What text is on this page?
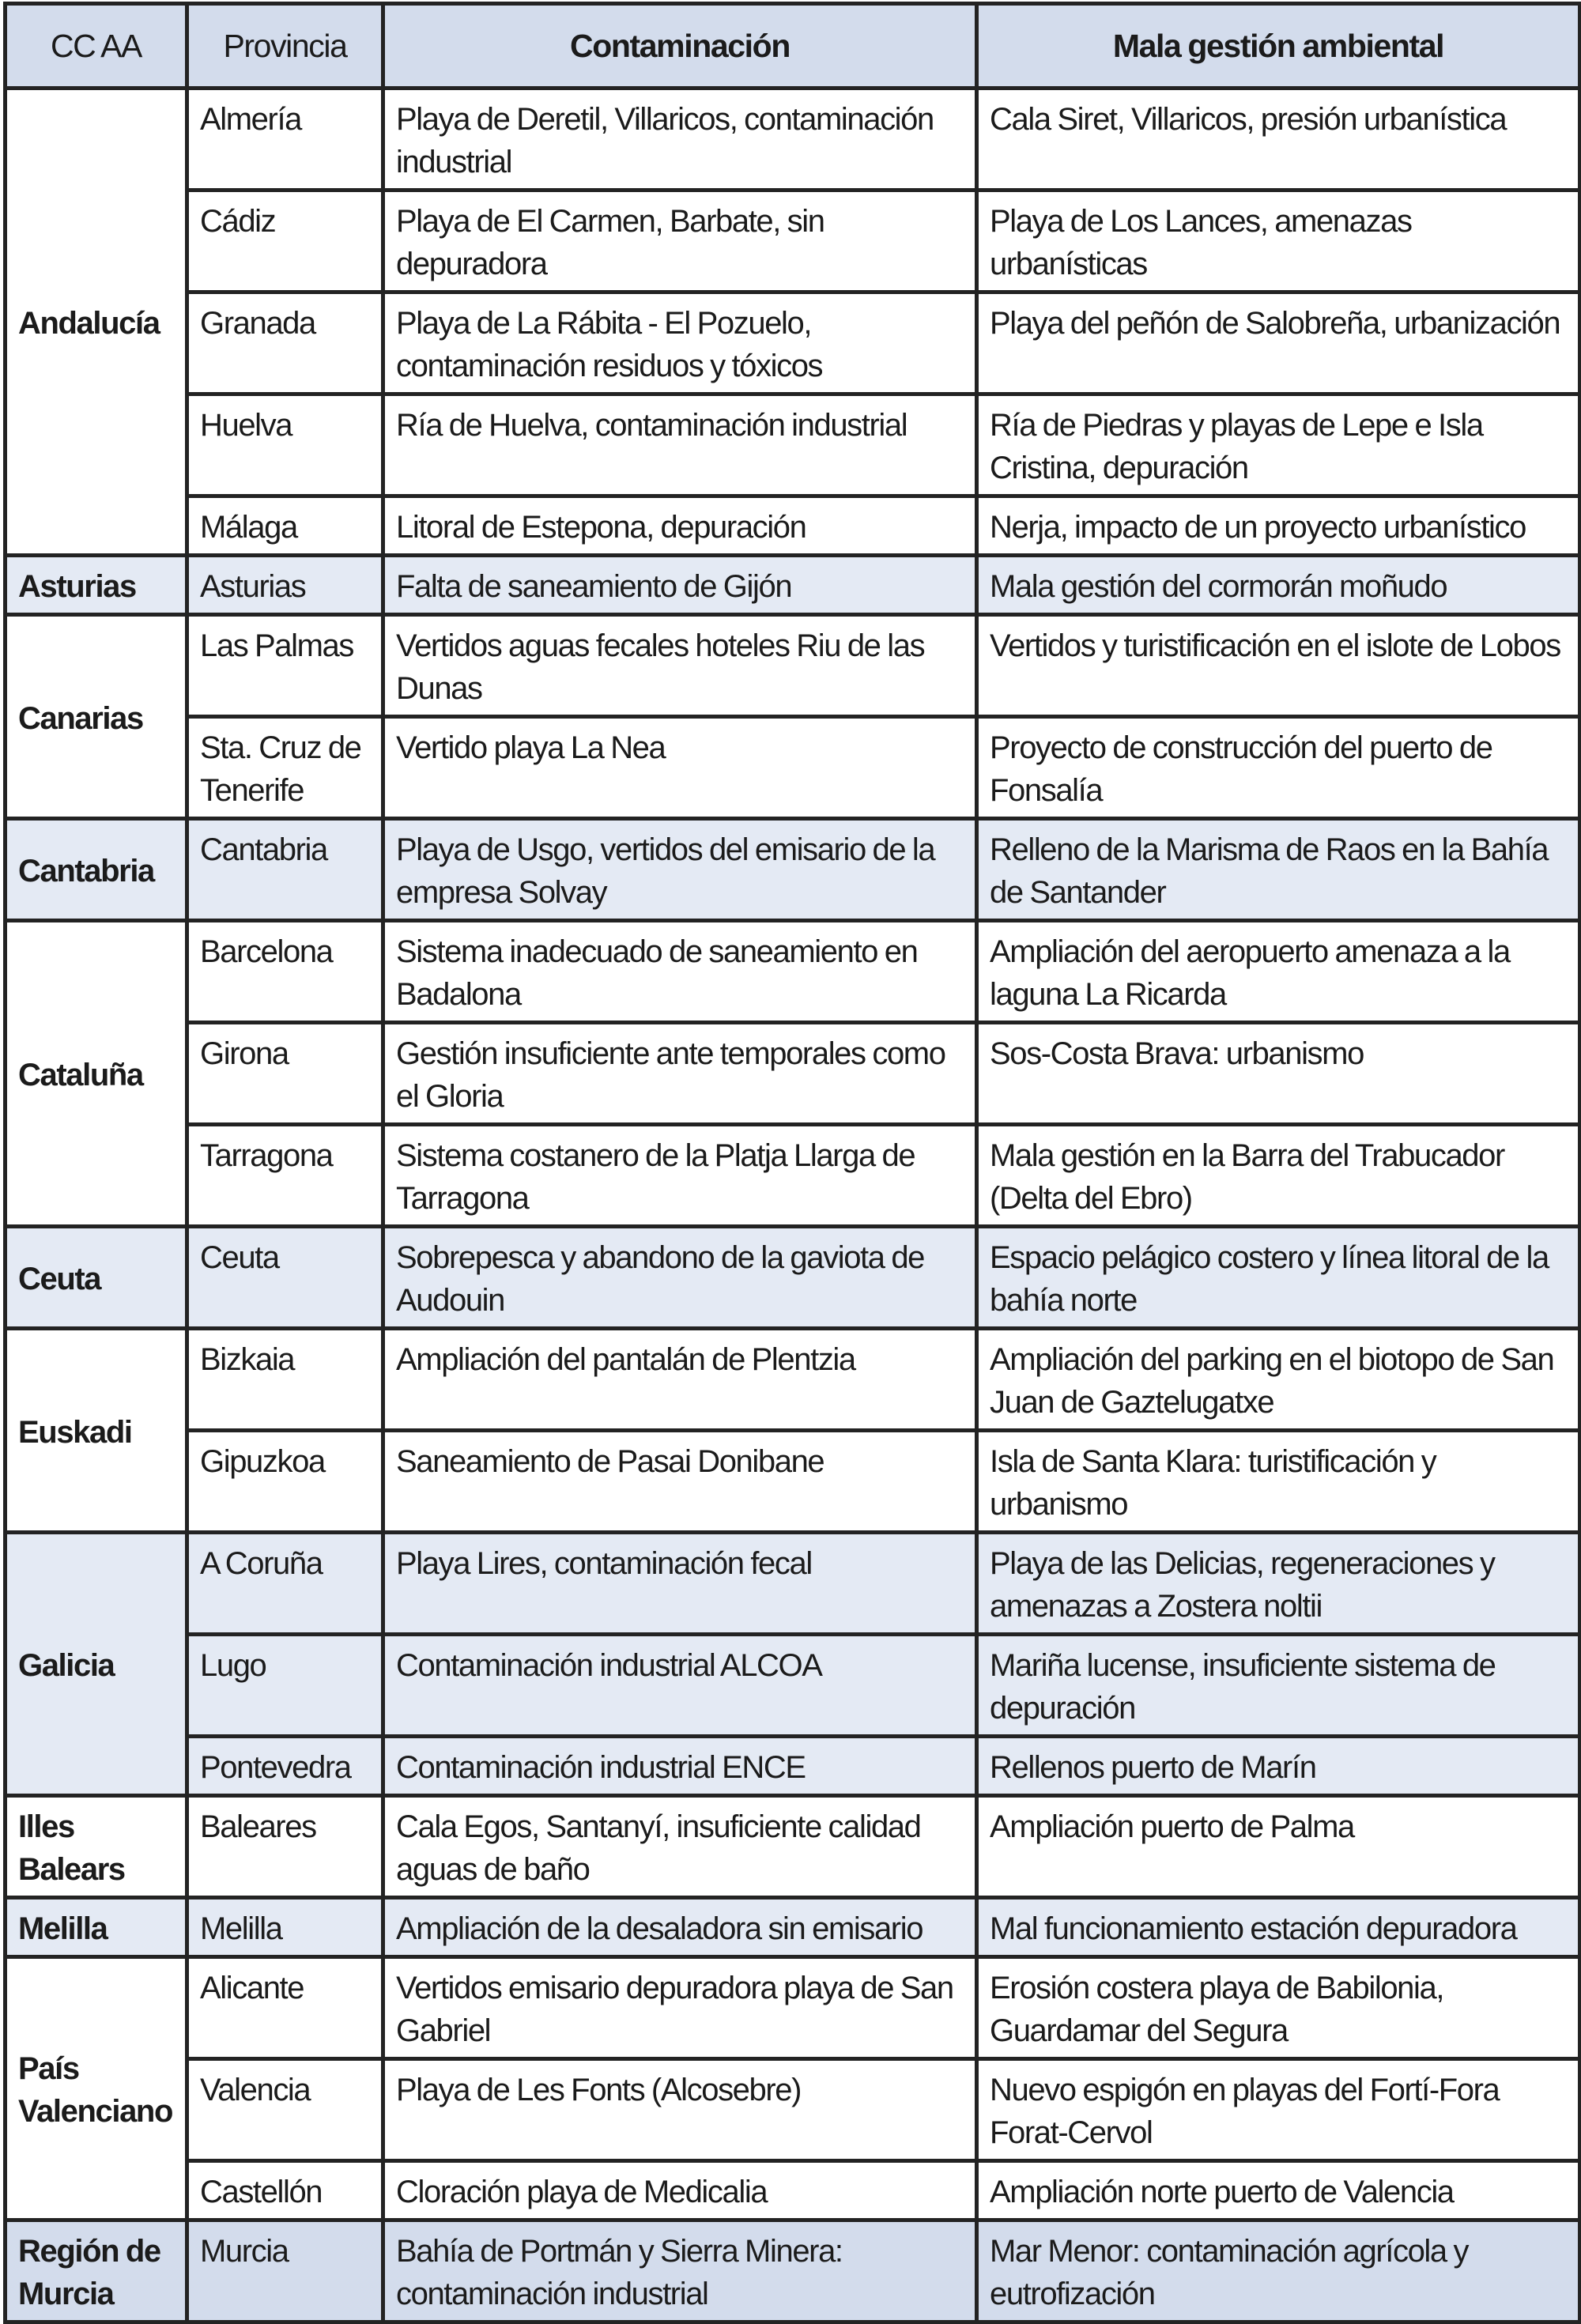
CC AA	Provincia	Contaminación	Mala gestión ambiental
Andalucía	Almería	Playa de Deretil, Villaricos, contaminación industrial	Cala Siret, Villaricos, presión urbanística
	Cádiz	Playa de El Carmen, Barbate, sin depuradora	Playa de Los Lances, amenazas urbanísticas
	Granada	Playa de La Rábita - El Pozuelo, contaminación residuos y tóxicos	Playa del peñón de Salobreña, urbanización
	Huelva	Ría de Huelva, contaminación industrial	Ría de Piedras y playas de Lepe e Isla Cristina, depuración
	Málaga	Litoral de Estepona, depuración	Nerja, impacto de un proyecto urbanístico
Asturias	Asturias	Falta de saneamiento de Gijón	Mala gestión del cormorán moñudo
Canarias	Las Palmas	Vertidos aguas fecales hoteles Riu de las Dunas	Vertidos y turistificación en el islote de Lobos
	Sta. Cruz de Tenerife	Vertido playa La Nea	Proyecto de construcción del puerto de Fonsalía
Cantabria	Cantabria	Playa de Usgo, vertidos del emisario de la empresa Solvay	Relleno de la Marisma de Raos en la Bahía de Santander
Cataluña	Barcelona	Sistema inadecuado de saneamiento en Badalona	Ampliación del aeropuerto amenaza a la laguna La Ricarda
	Girona	Gestión insuficiente ante temporales como el Gloria	Sos-Costa Brava: urbanismo
	Tarragona	Sistema costanero de la Platja Llarga de Tarragona	Mala gestión en la Barra del Trabucador (Delta del Ebro)
Ceuta	Ceuta	Sobrepesca y abandono de la gaviota de Audouin	Espacio pelágico costero y línea litoral de la bahía norte
Euskadi	Bizkaia	Ampliación del pantalán de Plentzia	Ampliación del parking en el biotopo de San Juan de Gaztelugatxe
	Gipuzkoa	Saneamiento de Pasai Donibane	Isla de Santa Klara: turistificación y urbanismo
Galicia	A Coruña	Playa Lires, contaminación fecal	Playa de las Delicias, regeneraciones y amenazas a Zostera noltii
	Lugo	Contaminación industrial ALCOA	Mariña lucense, insuficiente sistema de depuración
	Pontevedra	Contaminación industrial ENCE	Rellenos puerto de Marín
Illes Balears	Baleares	Cala Egos, Santanyí, insuficiente calidad aguas de baño	Ampliación puerto de Palma
Melilla	Melilla	Ampliación de la desaladora sin emisario	Mal funcionamiento estación depuradora
País Valenciano	Alicante	Vertidos emisario depuradora playa de San Gabriel	Erosión costera playa de Babilonia, Guardamar del Segura
	Valencia	Playa de Les Fonts (Alcosebre)	Nuevo espigón en playas del Fortí-Fora Forat-Cervol
	Castellón	Cloración playa de Medicalia	Ampliación norte puerto de Valencia
Región de Murcia	Murcia	Bahía de Portmán y Sierra Minera: contaminación industrial	Mar Menor: contaminación agrícola y eutrofización
